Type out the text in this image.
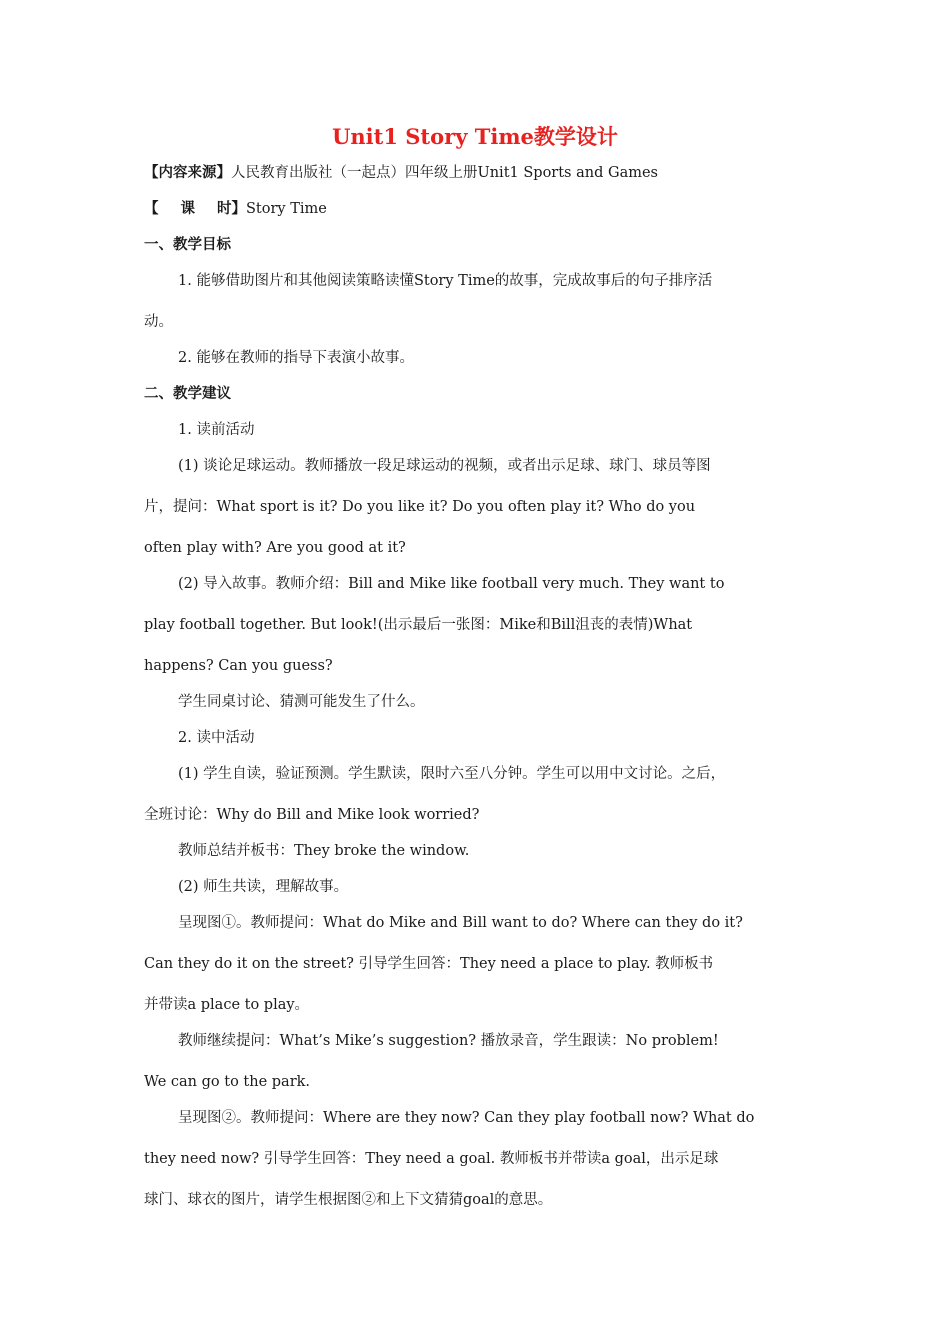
Unit1 Story Time教学设计
【内容来源】人民教育出版社（一起点）四年级上册Unit1 Sports and Games
【课时】Story Time
一、教学目标
1. 能够借助图片和其他阅读策略读懂Story Time的故事，完成故事后的句子排序活
动。
2. 能够在教师的指导下表演小故事。
二、教学建议
1. 读前活动
(1) 谈论足球运动。教师播放一段足球运动的视频，或者出示足球、球门、球员等图
片，提问：What sport is it? Do you like it? Do you often play it? Who do you
often play with? Are you good at it?
(2) 导入故事。教师介绍：Bill and Mike like football very much. They want to
play football together. But look!(出示最后一张图：Mike和Bill沮丧的表情)What
happens? Can you guess?
学生同桌讨论、猜测可能发生了什么。
2. 读中活动
(1) 学生自读，验证预测。学生默读，限时六至八分钟。学生可以用中文讨论。之后，
全班讨论：Why do Bill and Mike look worried?
教师总结并板书：They broke the window.
(2) 师生共读，理解故事。
呈现图①。教师提问：What do Mike and Bill want to do? Where can they do it?
Can they do it on the street? 引导学生回答：They need a place to play. 教师板书
并带读a place to play。
教师继续提问：What’s Mike’s suggestion? 播放录音，学生跟读：No problem!
We can go to the park.
呈现图②。教师提问：Where are they now? Can they play football now? What do
they need now? 引导学生回答：They need a goal. 教师板书并带读a goal，出示足球
球门、球衣的图片，请学生根据图②和上下文猜猜goal的意思。
